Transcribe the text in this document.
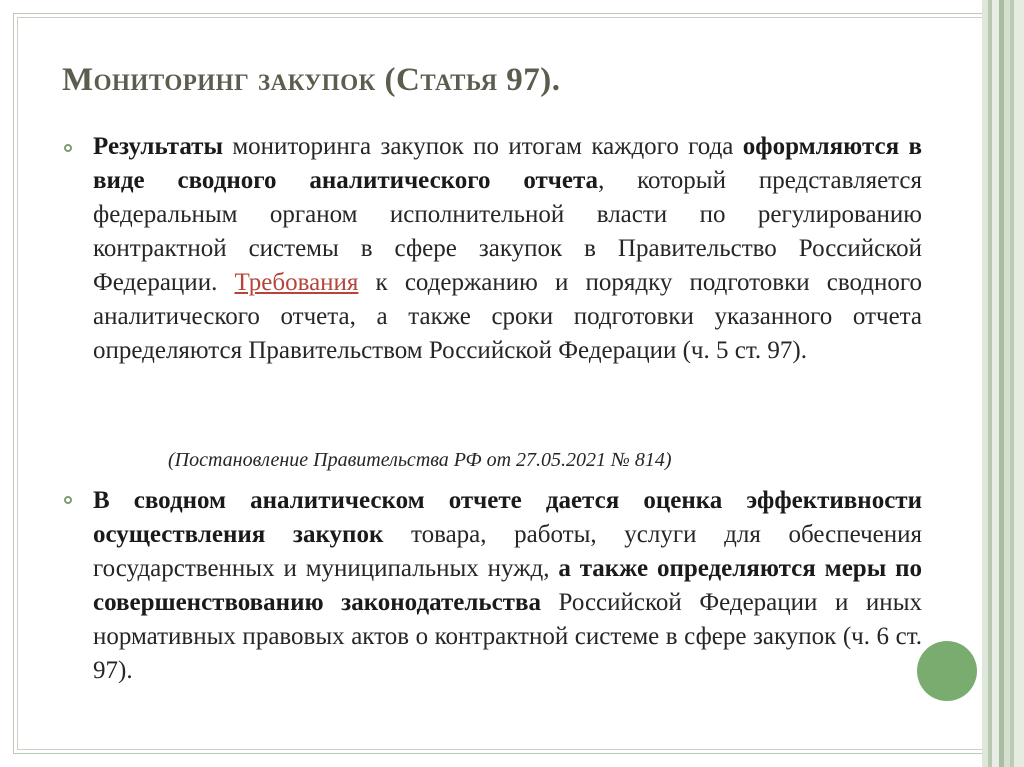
Мониторинг закупок (Статья 97).
Результаты мониторинга закупок по итогам каждого года оформляются в виде сводного аналитического отчета, который представляется федеральным органом исполнительной власти по регулированию контрактной системы в сфере закупок в Правительство Российской Федерации. Требования к содержанию и порядку подготовки сводного аналитического отчета, а также сроки подготовки указанного отчета определяются Правительством Российской Федерации (ч. 5 ст. 97).
(Постановление Правительства РФ от 27.05.2021 № 814)
В сводном аналитическом отчете дается оценка эффективности осуществления закупок товара, работы, услуги для обеспечения государственных и муниципальных нужд, а также определяются меры по совершенствованию законодательства Российской Федерации и иных нормативных правовых актов о контрактной системе в сфере закупок (ч. 6 ст. 97).
